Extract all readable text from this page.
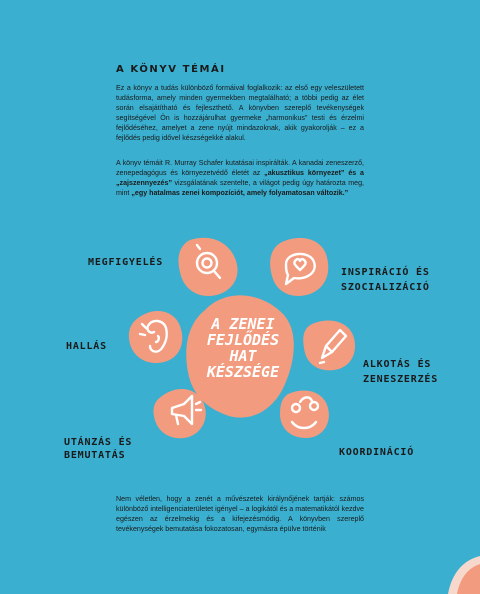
A KÖNYV TÉMÁI

Ez a könyv a tudás különböző formáival foglalkozik: az első egy veleszületett tudásforma, amely minden gyermekben megtalálható; a többi pedig az élet során elsajátítható és fejleszthető. A könyvben szereplő tevékenységek segítségével Ön is hozzájárulhat gyermeke „harmonikus” testi és érzelmi fejlődéséhez, amelyet a zene nyújt mindazoknak, akik gyakorolják – ez a fejlődés pedig idővel készségekké alakul.

A könyv témáit R. Murray Schafer kutatásai inspirálták. A kanadai zeneszerző, zenepedagógus és környezetvédő életét az „akusztikus környezet” és a „zajszennyezés” vizsgálatának szentelte, a világot pedig úgy határozta meg, mint „egy hatalmas zenei kompozíciót, amely folyamatosan változik.”

A ZENEI
FEJLŐDÉS
HAT
KÉSZSÉGE
MEGFIGYELÉS
INSPIRÁCIÓ ÉS
SZOCIALIZÁCIÓ
HALLÁS
ALKOTÁS ÉS
ZENESZERZÉS
UTÁNZÁS ÉS
BEMUTATÁS	KOORDINÁCIÓ

Nem véletlen, hogy a zenét a művészetek királynőjének tartják: számos különböző intelligenciaterületet igényel – a logikától és a matematikától kezdve egészen az érzelmekig és a kifejezésmódig. A könyvben szereplő tevékenységek bemutatása fokozatosan, egymásra épülve történik
